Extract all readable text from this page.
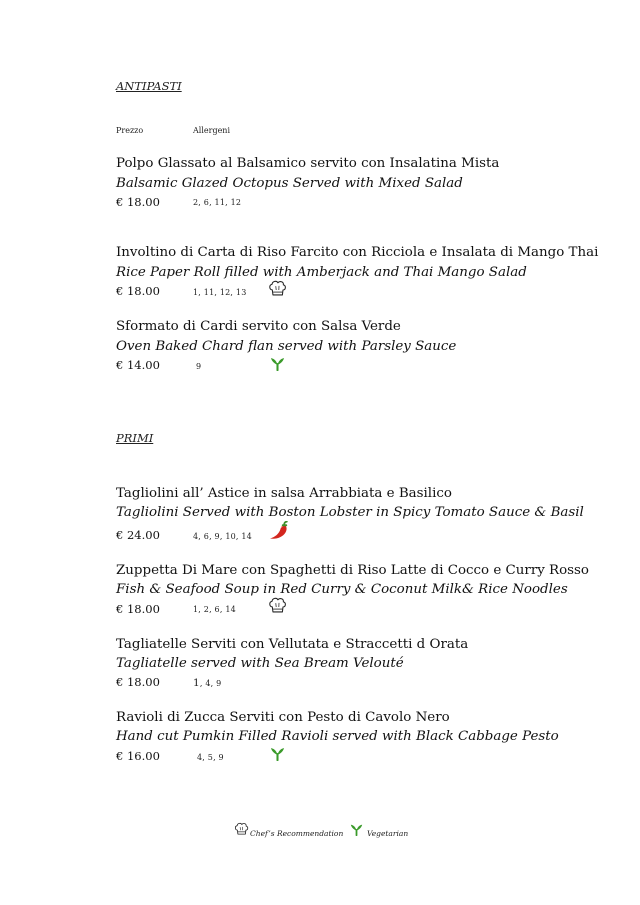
ANTIPASTI
Prezzo	Allergeni
Polpo Glassato al Balsamico servito con Insalatina Mista
Balsamic Glazed Octopus Served with Mixed Salad
€ 18.00	2, 6, 11, 12
Involtino di Carta di Riso Farcito con Ricciola e Insalata di Mango Thai
Rice Paper Roll filled with Amberjack and Thai Mango Salad
€ 18.00	1, 11, 12, 13
Sformato di Cardi servito con Salsa Verde
Oven Baked Chard flan served with Parsley Sauce
€ 14.00	9
PRIMI
Tagliolini all’ Astice in salsa Arrabbiata e Basilico
Tagliolini Served with Boston Lobster in Spicy Tomato Sauce & Basil
€ 24.00	4, 6, 9, 10, 14
Zuppetta Di Mare con Spaghetti di Riso Latte di Cocco e Curry Rosso
Fish & Seafood Soup in Red Curry & Coconut Milk& Rice Noodles
€ 18.00	1, 2, 6, 14
Tagliatelle Serviti con Vellutata e Straccetti d Orata
Tagliatelle served with Sea Bream Velouté
€ 18.00	1, 4, 9
Ravioli di Zucca Serviti con Pesto di Cavolo Nero
Hand cut Pumkin Filled Ravioli served with Black Cabbage Pesto
€ 16.00	4, 5, 9
Chef’s Recommendation	Vegetarian
